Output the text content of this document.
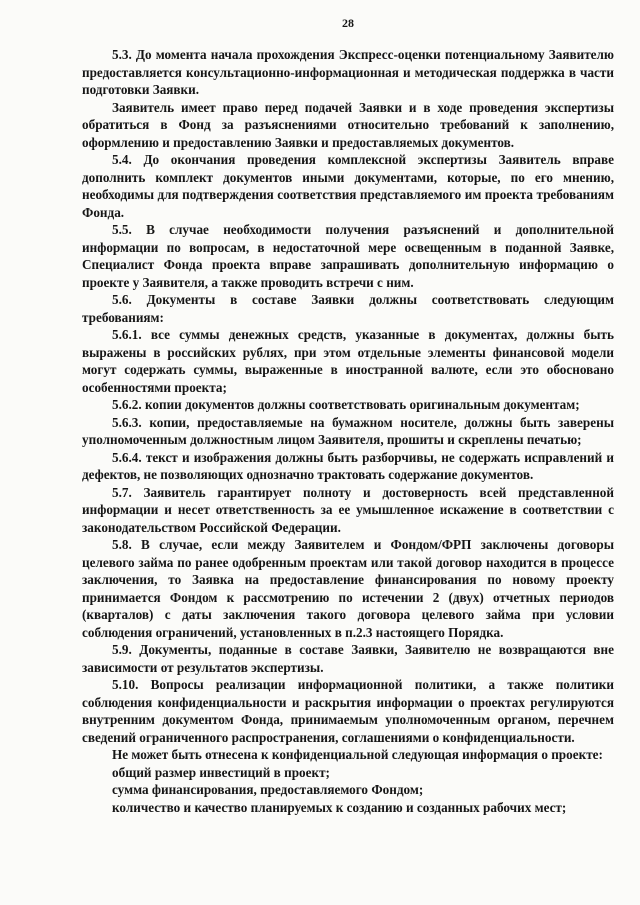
28

5.3. До момента начала прохождения Экспресс-оценки потенциальному Заявителю предоставляется консультационно-информационная и методическая поддержка в части подготовки Заявки.

Заявитель имеет право перед подачей Заявки и в ходе проведения экспертизы обратиться в Фонд за разъяснениями относительно требований к заполнению, оформлению и предоставлению Заявки и предоставляемых документов.

5.4. До окончания проведения комплексной экспертизы Заявитель вправе дополнить комплект документов иными документами, которые, по его мнению, необходимы для подтверждения соответствия представляемого им проекта требованиям Фонда.

5.5. В случае необходимости получения разъяснений и дополнительной информации по вопросам, в недостаточной мере освещенным в поданной Заявке, Специалист Фонда проекта вправе запрашивать дополнительную информацию о проекте у Заявителя, а также проводить встречи с ним.

5.6. Документы в составе Заявки должны соответствовать следующим требованиям:

5.6.1. все суммы денежных средств, указанные в документах, должны быть выражены в российских рублях, при этом отдельные элементы финансовой модели могут содержать суммы, выраженные в иностранной валюте, если это обосновано особенностями проекта;

5.6.2. копии документов должны соответствовать оригинальным документам;

5.6.3. копии, предоставляемые на бумажном носителе, должны быть заверены уполномоченным должностным лицом Заявителя, прошиты и скреплены печатью;

5.6.4. текст и изображения должны быть разборчивы, не содержать исправлений и дефектов, не позволяющих однозначно трактовать содержание документов.

5.7. Заявитель гарантирует полноту и достоверность всей представленной информации и несет ответственность за ее умышленное искажение в соответствии с законодательством Российской Федерации.

5.8. В случае, если между Заявителем и Фондом/ФРП заключены договоры целевого займа по ранее одобренным проектам или такой договор находится в процессе заключения, то Заявка на предоставление финансирования по новому проекту принимается Фондом к рассмотрению по истечении 2 (двух) отчетных периодов (кварталов) с даты заключения такого договора целевого займа при условии соблюдения ограничений, установленных в п.2.3 настоящего Порядка.

5.9. Документы, поданные в составе Заявки, Заявителю не возвращаются вне зависимости от результатов экспертизы.

5.10. Вопросы реализации информационной политики, а также политики соблюдения конфиденциальности и раскрытия информации о проектах регулируются внутренним документом Фонда, принимаемым уполномоченным органом, перечнем сведений ограниченного распространения, соглашениями о конфиденциальности.

Не может быть отнесена к конфиденциальной следующая информация о проекте:

общий размер инвестиций в проект;

сумма финансирования, предоставляемого Фондом;

количество и качество планируемых к созданию и созданных рабочих мест;
